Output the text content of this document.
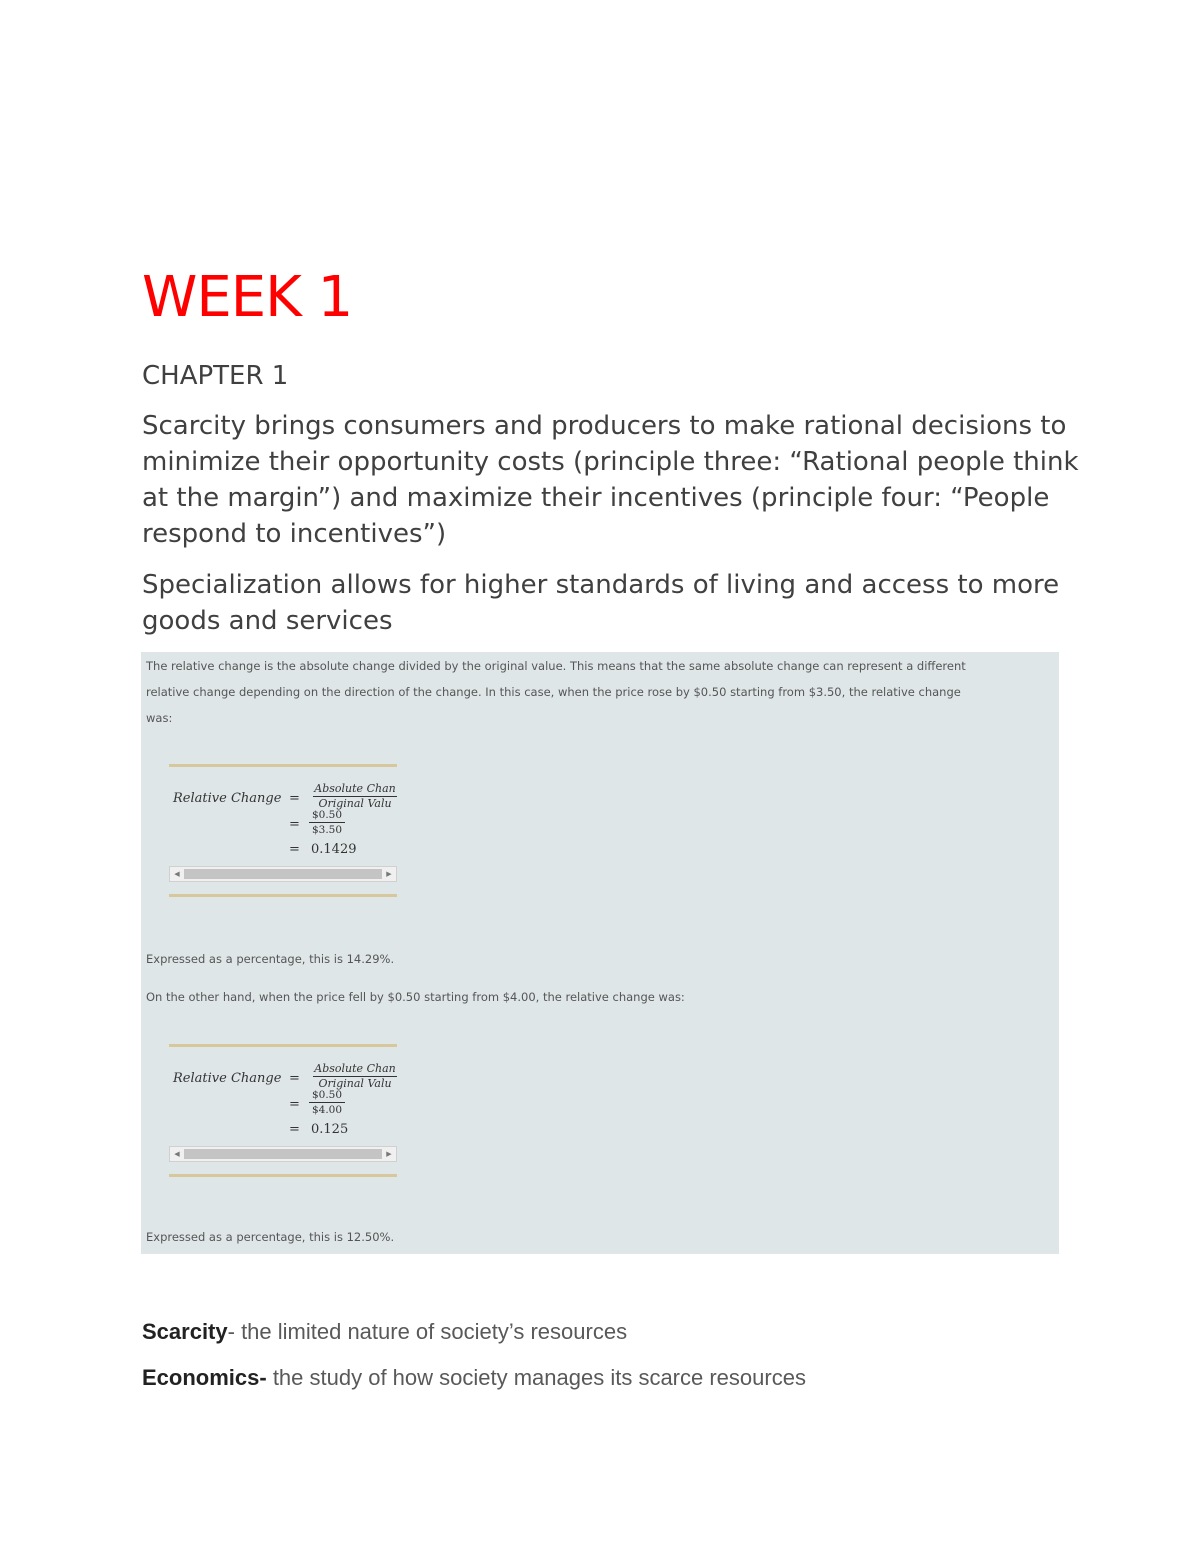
WEEK 1
CHAPTER 1

Scarcity brings consumers and producers to make rational decisions to minimize their opportunity costs (principle three: “Rational people think at the margin”) and maximize their incentives (principle four: “People respond to incentives”)

Specialization allows for higher standards of living and access to more goods and services

The relative change is the absolute change divided by the original value. This means that the same absolute change can represent a different

relative change depending on the direction of the change. In this case, when the price rose by $0.50 starting from $3.50, the relative change

was:

Relative Change =
Absolute Chan
Original Valu
= $\frac{\$0.50}{\$3.50}$
= 0.1429
◀	▶

Expressed as a percentage, this is 14.29%.

On the other hand, when the price fell by $0.50 starting from $4.00, the relative change was:

Relative Change =
Absolute Chan
Original Valu
= $\frac{\$0.50}{\$4.00}$
= 0.125
◀	▶

Expressed as a percentage, this is 12.50%.

Scarcity- the limited nature of society’s resources

Economics- the study of how society manages its scarce resources
